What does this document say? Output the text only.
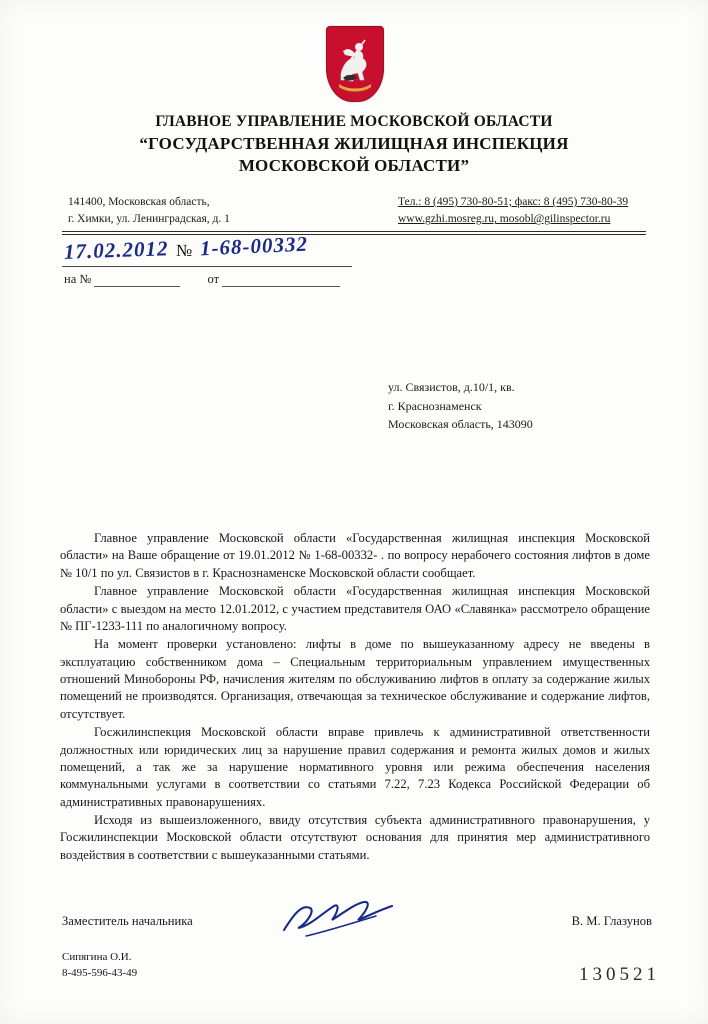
ГЛАВНОЕ УПРАВЛЕНИЕ МОСКОВСКОЙ ОБЛАСТИ
“ГОСУДАРСТВЕННАЯ ЖИЛИЩНАЯ ИНСПЕКЦИЯ
МОСКОВСКОЙ ОБЛАСТИ”
141400, Московская область,
г. Химки, ул. Ленинградская, д. 1
Тел.: 8 (495) 730-80-51; факс: 8 (495) 730-80-39
www.gzhi.mosreg.ru, mosobl@gilinspector.ru
17.02.2012 № 1-68-00332
на №	от
ул. Связистов, д.10/1, кв.
г. Краснознаменск
Московская область, 143090

Главное управление Московской области «Государственная жилищная инспекция Московской области» на Ваше обращение от 19.01.2012 № 1-68-00332- . по вопросу нерабочего состояния лифтов в доме № 10/1 по ул. Связистов в г. Краснознаменске Московской области сообщает.

Главное управление Московской области «Государственная жилищная инспекция Московской области» с выездом на место 12.01.2012, с участием представителя ОАО «Славянка» рассмотрело обращение № ПГ-1233-111 по аналогичному вопросу.

На момент проверки установлено: лифты в доме по вышеуказанному адресу не введены в эксплуатацию собственником дома – Специальным территориальным управлением имущественных отношений Минобороны РФ, начисления жителям по обслуживанию лифтов в оплату за содержание жилых помещений не производятся. Организация, отвечающая за техническое обслуживание и содержание лифтов, отсутствует.

Госжилинспекция Московской области вправе привлечь к административной ответственности должностных или юридических лиц за нарушение правил содержания и ремонта жилых домов и жилых помещений, а так же за нарушение нормативного уровня или режима обеспечения населения коммунальными услугами в соответствии со статьями 7.22, 7.23 Кодекса Российской Федерации об административных правонарушениях.

Исходя из вышеизложенного, ввиду отсутствия субъекта административного правонарушения, у Госжилинспекции Московской области отсутствуют основания для принятия мер административного воздействия в соответствии с вышеуказанными статьями.

Заместитель начальника	В. М. Глазунов
Сипягина О.И.
8-495-596-43-49	130521
